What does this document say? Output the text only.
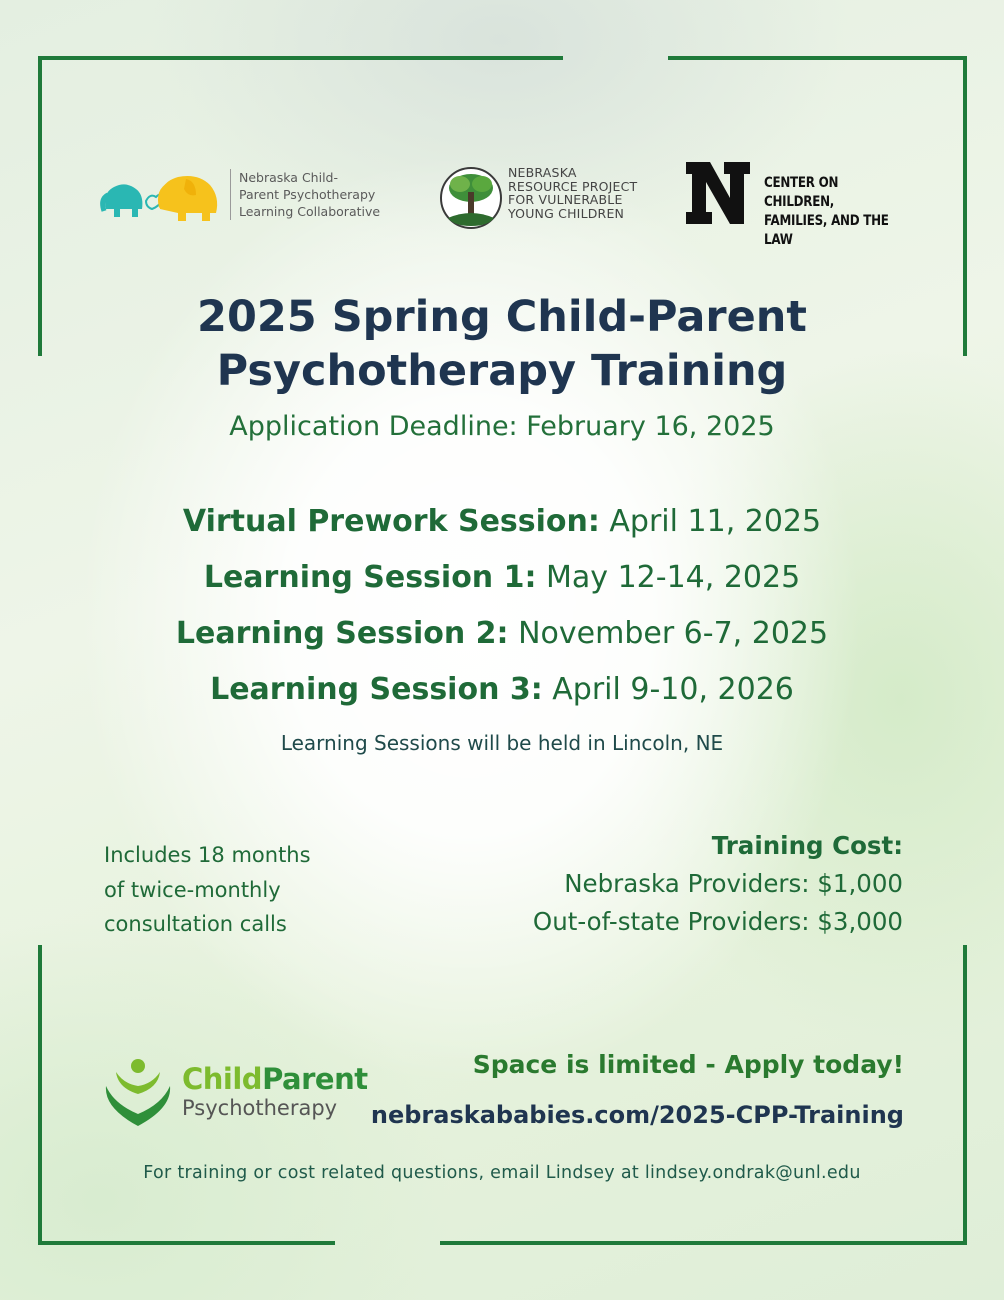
Nebraska Child-
Parent Psychotherapy
Learning Collaborative
NEBRASKA
RESOURCE PROJECT
FOR VULNERABLE
YOUNG CHILDREN
CENTER ON CHILDREN,
FAMILIES, AND THE LAW
2025 Spring Child-Parent
Psychotherapy Training
Application Deadline: February 16, 2025
Virtual Prework Session: April 11, 2025
Learning Session 1: May 12-14, 2025
Learning Session 2: November 6-7, 2025
Learning Session 3: April 9-10, 2026
Learning Sessions will be held in Lincoln, NE
Includes 18 months
of twice-monthly
consultation calls
Training Cost:
Nebraska Providers: $1,000
Out-of-state Providers: $3,000
ChildParent
Psychotherapy
Space is limited - Apply today!
nebraskababies.com/2025-CPP-Training
For training or cost related questions, email Lindsey at lindsey.ondrak@unl.edu
